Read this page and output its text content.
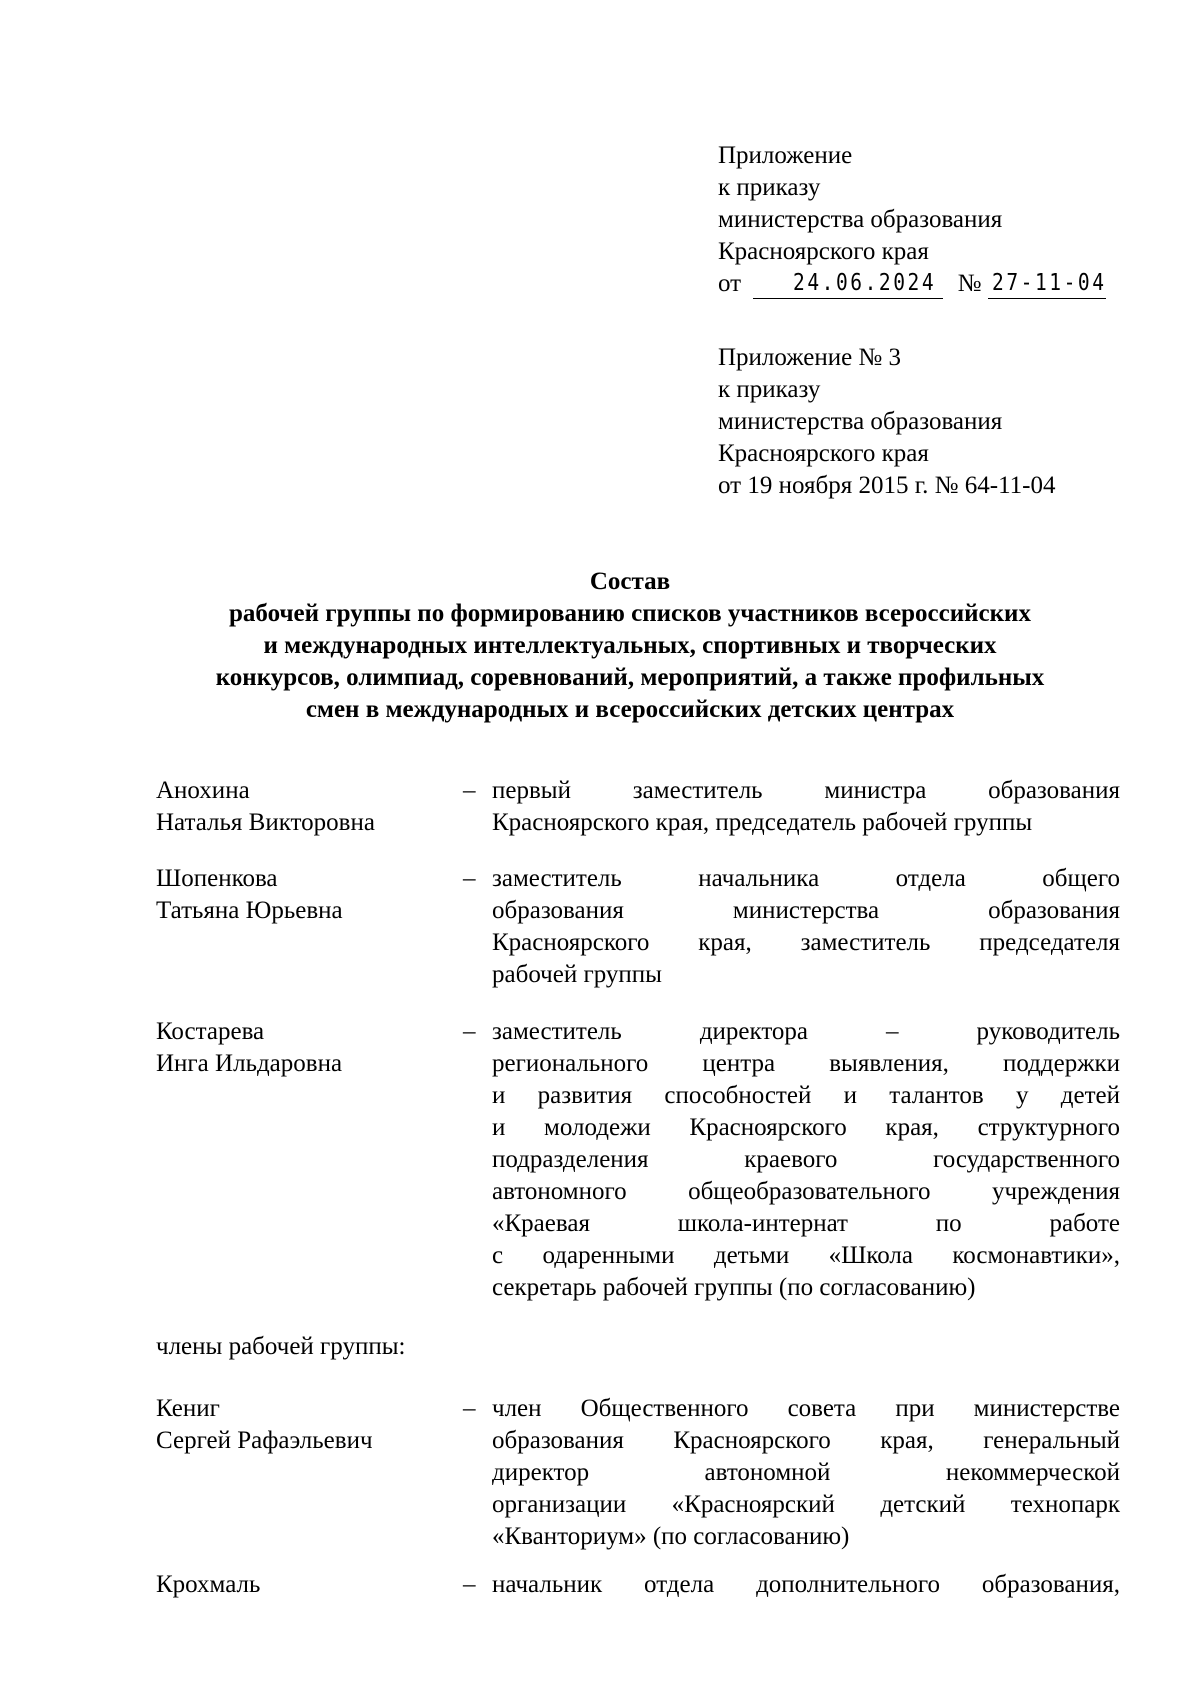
Приложение
к приказу
министерства образования
Красноярского края
от 24.06.2024 № 27-11-04
Приложение № 3
к приказу
министерства образования
Красноярского края
от 19 ноября 2015 г. № 64-11-04
Состав
рабочей группы по формированию списков участников всероссийских
и международных интеллектуальных, спортивных и творческих
конкурсов, олимпиад, соревнований, мероприятий, а также профильных
смен в международных и всероссийских детских центрах
Анохина
Наталья Викторовна
– первый заместитель министра образования
Красноярского края, председатель рабочей группы
Шопенкова
Татьяна Юрьевна
– заместитель начальника отдела общего
образования министерства образования
Красноярского края, заместитель председателя
рабочей группы
Костарева
Инга Ильдаровна
– заместитель директора – руководитель
регионального центра выявления, поддержки
и развития способностей и талантов у детей
и молодежи Красноярского края, структурного
подразделения краевого государственного
автономного общеобразовательного учреждения
«Краевая школа-интернат по работе
с одаренными детьми «Школа космонавтики»,
секретарь рабочей группы (по согласованию)
члены рабочей группы:
Кениг
Сергей Рафаэльевич
– член Общественного совета при министерстве
образования Красноярского края, генеральный
директор автономной некоммерческой
организации «Красноярский детский технопарк
«Кванториум» (по согласованию)
Крохмаль	– начальник отдела дополнительного образования,
